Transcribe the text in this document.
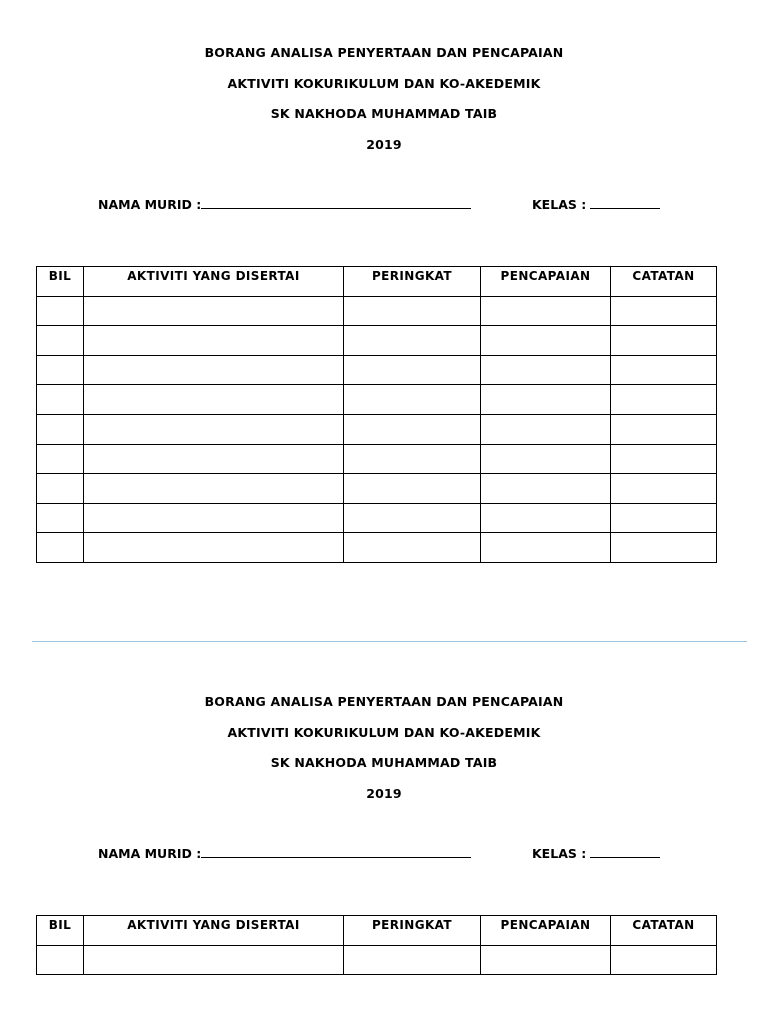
BORANG ANALISA PENYERTAAN DAN PENCAPAIAN
AKTIVITI KOKURIKULUM DAN KO-AKEDEMIK
SK NAKHODA MUHAMMAD TAIB
2019
NAMA MURID :	KELAS :
BIL	AKTIVITI YANG DISERTAI	PERINGKAT	PENCAPAIAN	CATATAN

BORANG ANALISA PENYERTAAN DAN PENCAPAIAN
AKTIVITI KOKURIKULUM DAN KO-AKEDEMIK
SK NAKHODA MUHAMMAD TAIB
2019
NAMA MURID :	KELAS :
BIL	AKTIVITI YANG DISERTAI	PERINGKAT	PENCAPAIAN	CATATAN
